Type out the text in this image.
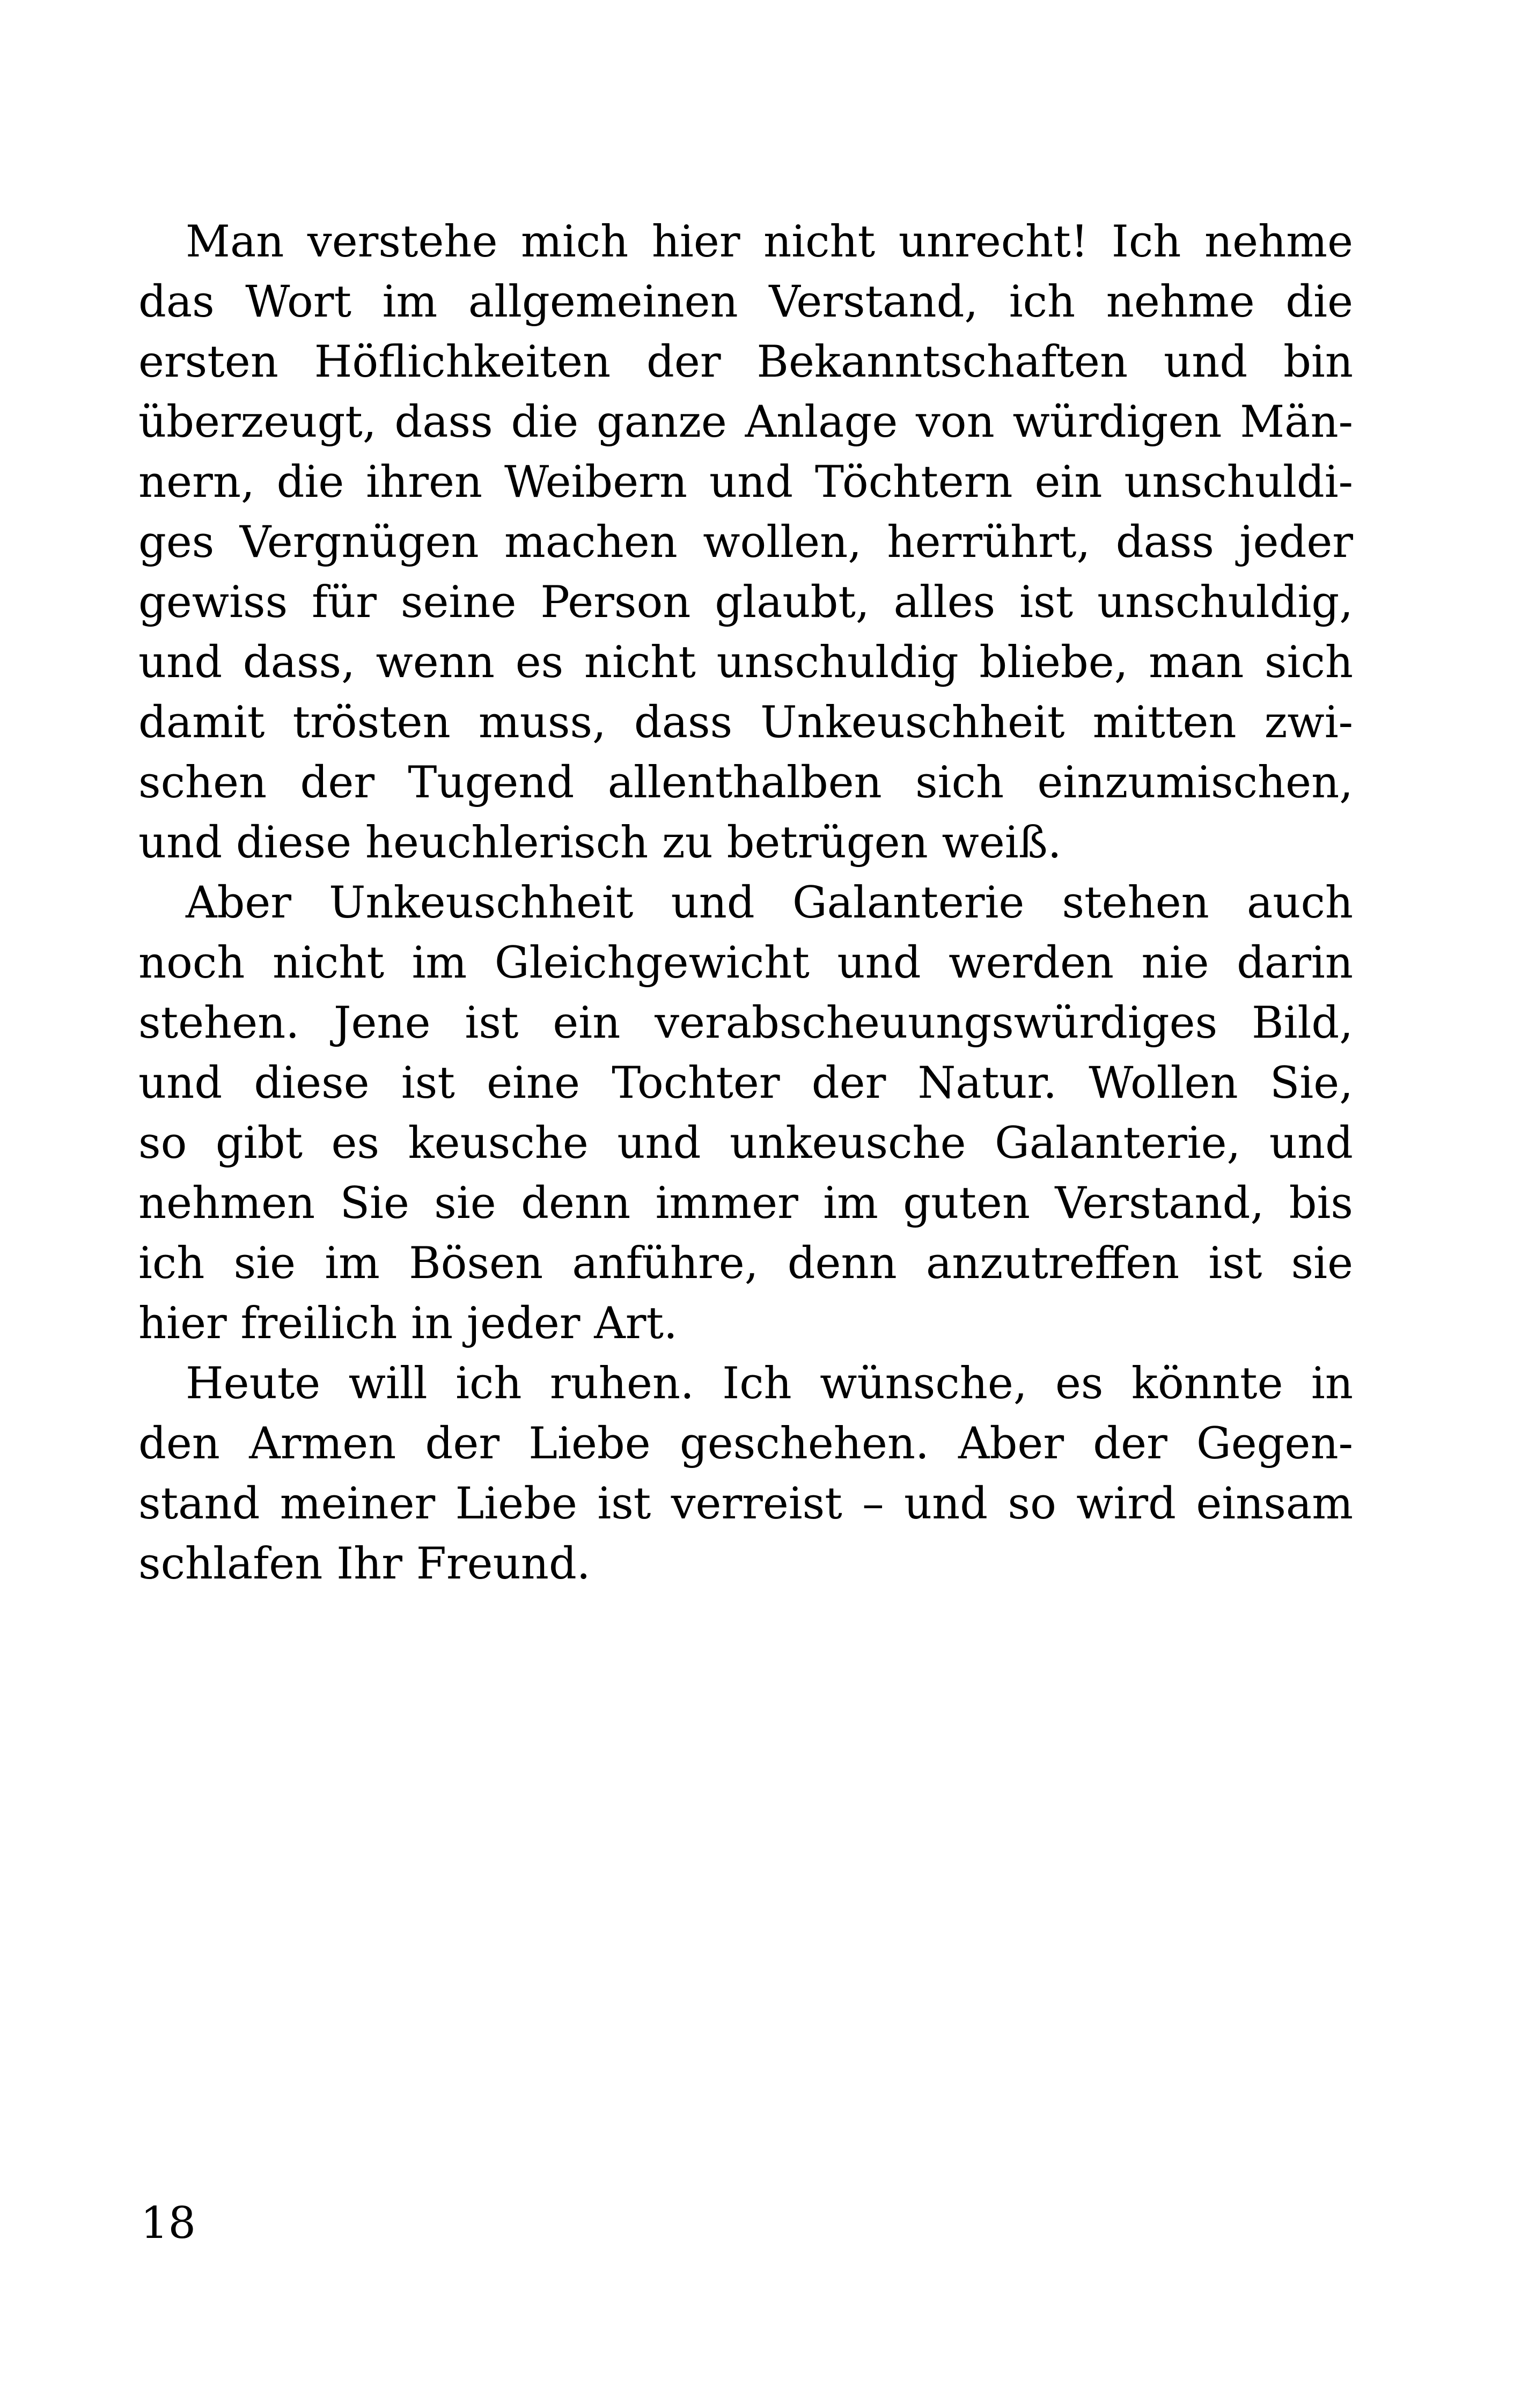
Man verstehe mich hier nicht unrecht! Ich nehme
das Wort im allgemeinen Verstand, ich nehme die
ersten Höflichkeiten der Bekanntschaften und bin
überzeugt, dass die ganze Anlage von würdigen Män-
nern, die ihren Weibern und Töchtern ein unschuldi-
ges Vergnügen machen wollen, herrührt, dass jeder
gewiss für seine Person glaubt, alles ist unschuldig,
und dass, wenn es nicht unschuldig bliebe, man sich
damit trösten muss, dass Unkeuschheit mitten zwi-
schen der Tugend allenthalben sich einzumischen,
und diese heuchlerisch zu betrügen weiß.
Aber Unkeuschheit und Galanterie stehen auch
noch nicht im Gleichgewicht und werden nie darin
stehen. Jene ist ein verabscheuungswürdiges Bild,
und diese ist eine Tochter der Natur. Wollen Sie,
so gibt es keusche und unkeusche Galanterie, und
nehmen Sie sie denn immer im guten Verstand, bis
ich sie im Bösen anführe, denn anzutreffen ist sie
hier freilich in jeder Art.
Heute will ich ruhen. Ich wünsche, es könnte in
den Armen der Liebe geschehen. Aber der Gegen-
stand meiner Liebe ist verreist – und so wird einsam
schlafen Ihr Freund.
18
